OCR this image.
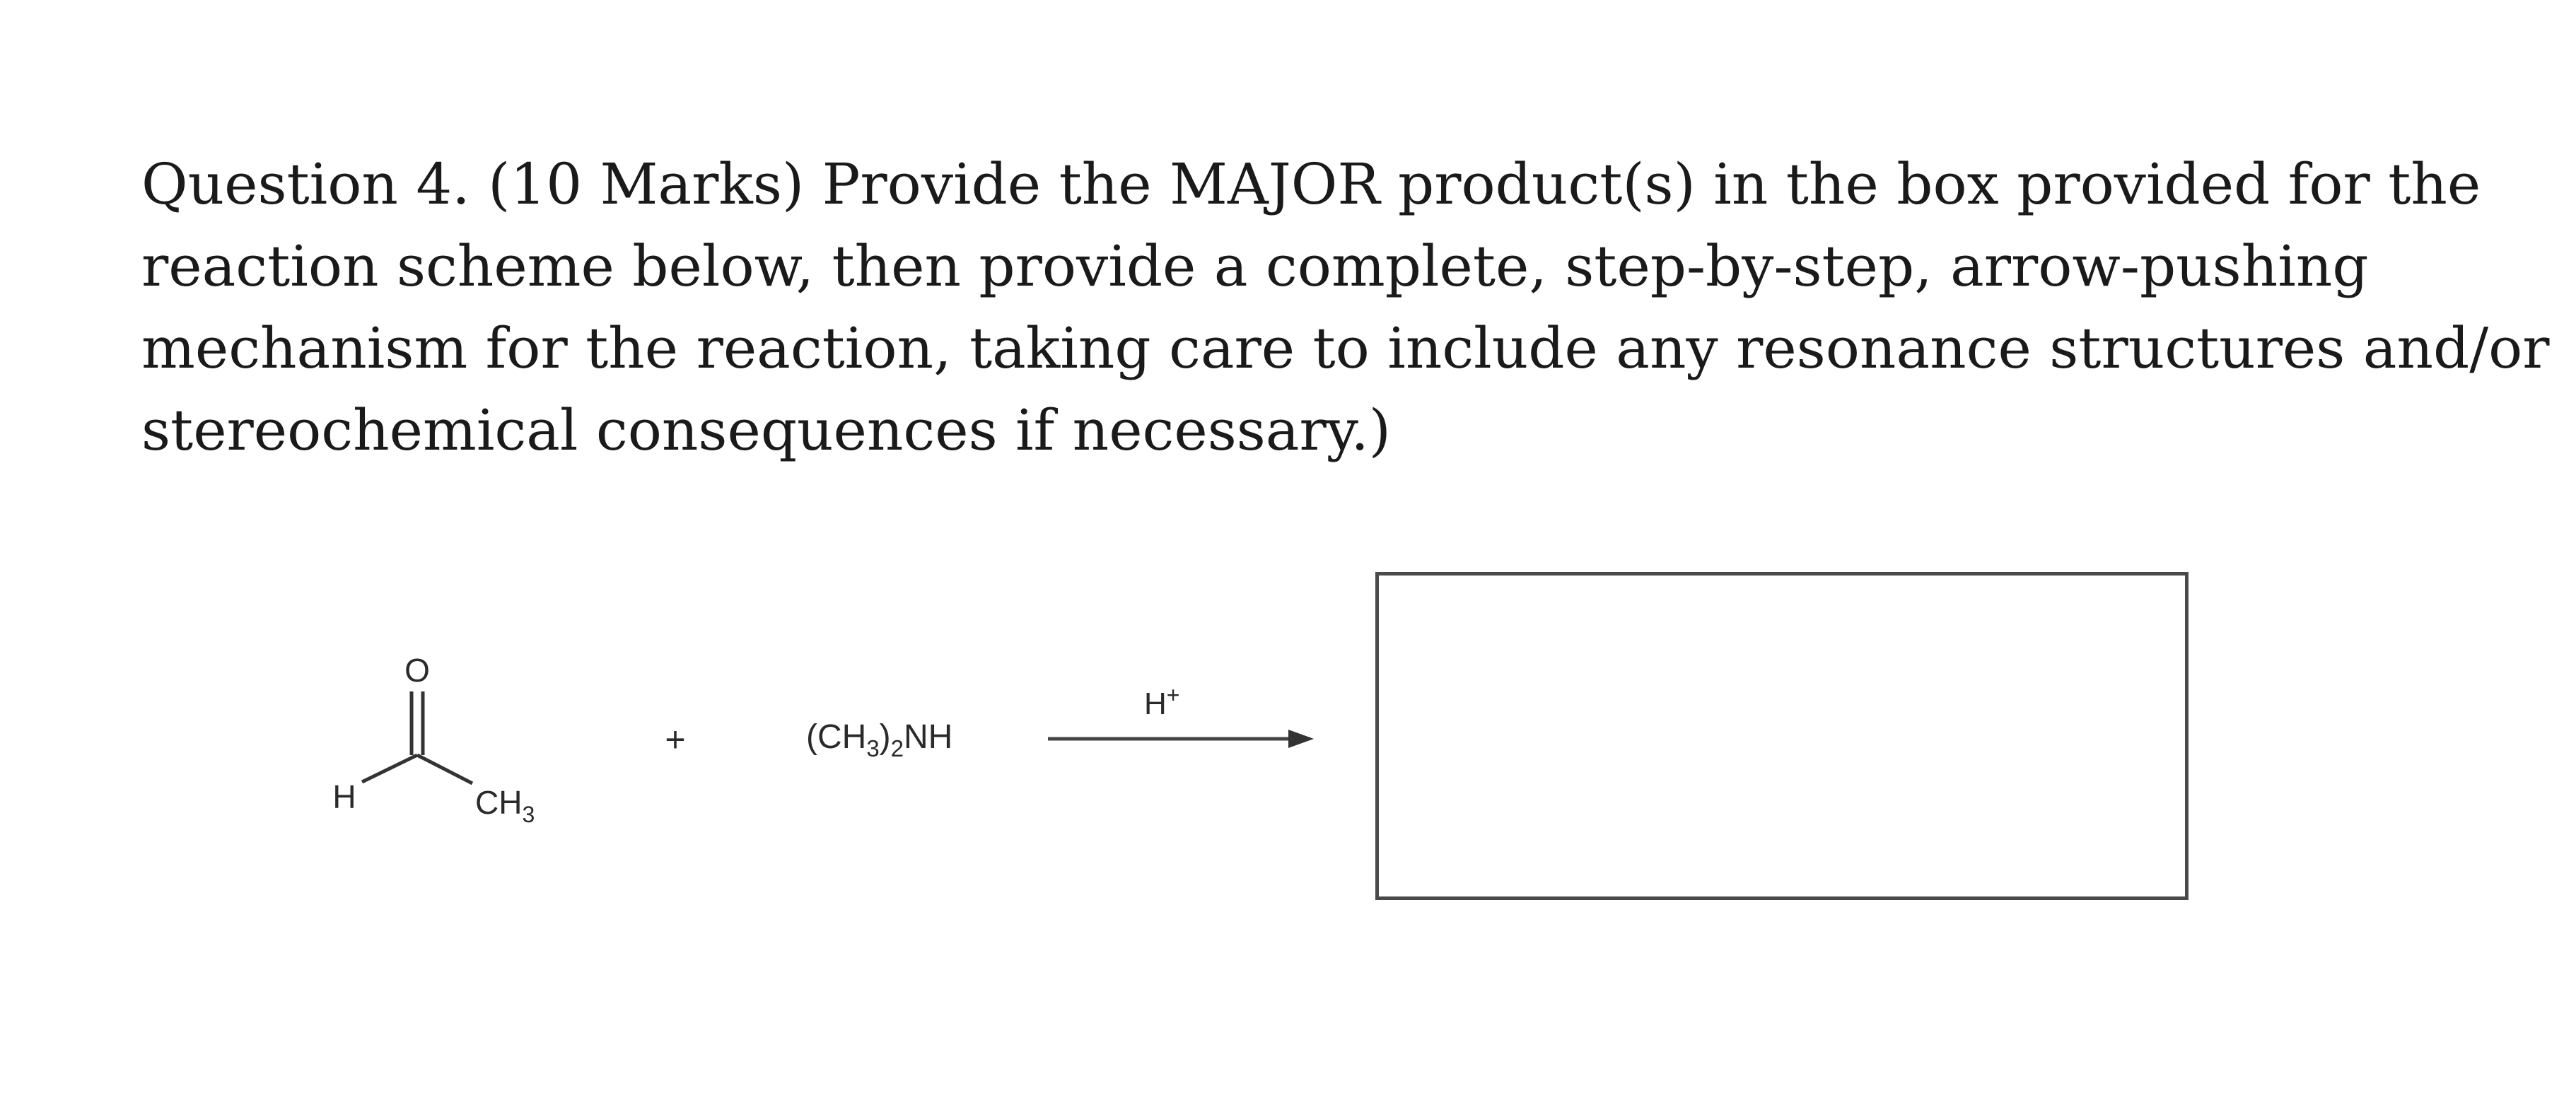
Question 4. (10 Marks) Provide the MAJOR product(s) in the box provided for the
reaction scheme below, then provide a complete, step-by-step, arrow-pushing
mechanism for the reaction, taking care to include any resonance structures and/or
stereochemical consequences if necessary.)
O
H	$CH_3$
+	$(CH_3)_2NH$
H+
